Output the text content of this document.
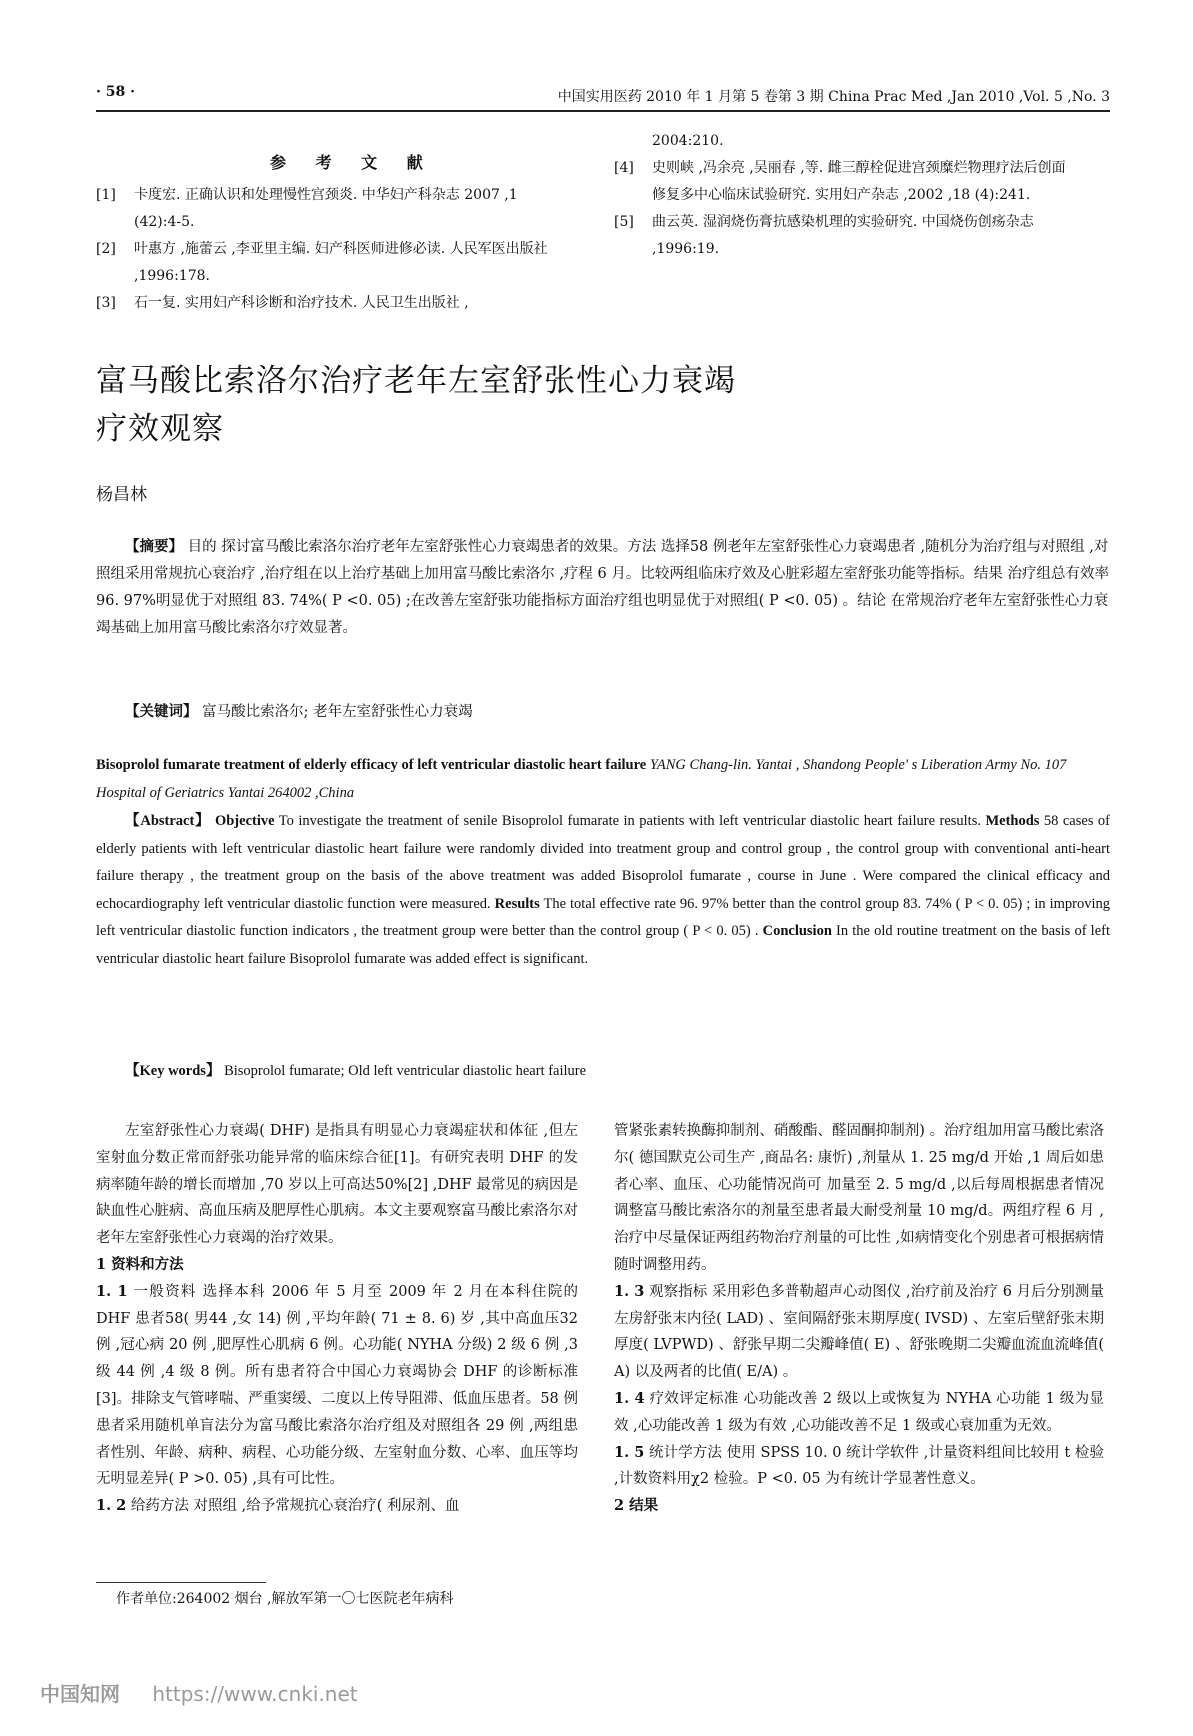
· 58 ·	中国实用医药 2010 年 1 月第 5 卷第 3 期 China Prac Med ,Jan 2010 ,Vol. 5 ,No. 3
参 考 文 献
[1] 卡度宏. 正确认识和处理慢性宫颈炎. 中华妇产科杂志 2007 ,1 (42):4-5.
[2] 叶惠方 ,施蕾云 ,李亚里主编. 妇产科医师进修必读. 人民军医出版社 ,1996:178.
[3] 石一复. 实用妇产科诊断和治疗技术. 人民卫生出版社 ,
2004:210.
[4] 史则峡 ,冯余亮 ,吴丽春 ,等. 雌三醇栓促进宫颈糜烂物理疗法后创面修复多中心临床试验研究. 实用妇产杂志 ,2002 ,18 (4):241.
[5] 曲云英. 湿润烧伤膏抗感染机理的实验研究. 中国烧伤创疡杂志 ,1996:19.
富马酸比索洛尔治疗老年左室舒张性心力衰竭
疗效观察
杨昌林
【摘要】 目的 探讨富马酸比索洛尔治疗老年左室舒张性心力衰竭患者的效果。方法 选择58 例老年左室舒张性心力衰竭患者 ,随机分为治疗组与对照组 ,对照组采用常规抗心衰治疗 ,治疗组在以上治疗基础上加用富马酸比索洛尔 ,疗程 6 月。比较两组临床疗效及心脏彩超左室舒张功能等指标。结果 治疗组总有效率 96. 97%明显优于对照组 83. 74%( P <0. 05) ;在改善左室舒张功能指标方面治疗组也明显优于对照组( P <0. 05) 。结论 在常规治疗老年左室舒张性心力衰竭基础上加用富马酸比索洛尔疗效显著。
【关键词】 富马酸比索洛尔; 老年左室舒张性心力衰竭
Bisoprolol fumarate treatment of elderly efficacy of left ventricular diastolic heart failure YANG Chang-lin. Yantai , Shandong People' s Liberation Army No. 107 Hospital of Geriatrics Yantai 264002 ,China
【Abstract】 Objective To investigate the treatment of senile Bisoprolol fumarate in patients with left ventricular diastolic heart failure results. Methods 58 cases of elderly patients with left ventricular diastolic heart failure were randomly divided into treatment group and control group , the control group with conventional anti-heart failure therapy , the treatment group on the basis of the above treatment was added Bisoprolol fumarate , course in June . Were compared the clinical efficacy and echocardiography left ventricular diastolic function were measured. Results The total effective rate 96. 97% better than the control group 83. 74% ( P < 0. 05) ; in improving left ventricular diastolic function indicators , the treatment group were better than the control group ( P < 0. 05) . Conclusion In the old routine treatment on the basis of left ventricular diastolic heart failure Bisoprolol fumarate was added effect is significant.
【Key words】 Bisoprolol fumarate; Old left ventricular diastolic heart failure

左室舒张性心力衰竭( DHF) 是指具有明显心力衰竭症状和体征 ,但左室射血分数正常而舒张功能异常的临床综合征[1]。有研究表明 DHF 的发病率随年龄的增长而增加 ,70 岁以上可高达50%[2] ,DHF 最常见的病因是缺血性心脏病、高血压病及肥厚性心肌病。本文主要观察富马酸比索洛尔对老年左室舒张性心力衰竭的治疗效果。

1 资料和方法

1. 1 一般资料 选择本科 2006 年 5 月至 2009 年 2 月在本科住院的 DHF 患者58( 男44 ,女 14) 例 ,平均年龄( 71 ± 8. 6) 岁 ,其中高血压32 例 ,冠心病 20 例 ,肥厚性心肌病 6 例。心功能( NYHA 分级) 2 级 6 例 ,3 级 44 例 ,4 级 8 例。所有患者符合中国心力衰竭协会 DHF 的诊断标准[3]。排除支气管哮喘、严重窦缓、二度以上传导阻滞、低血压患者。58 例患者采用随机单盲法分为富马酸比索洛尔治疗组及对照组各 29 例 ,两组患者性别、年龄、病种、病程、心功能分级、左室射血分数、心率、血压等均无明显差异( P >0. 05) ,具有可比性。

1. 2 给药方法 对照组 ,给予常规抗心衰治疗( 利尿剂、血

作者单位:264002 烟台 ,解放军第一〇七医院老年病科

管紧张素转换酶抑制剂、硝酸酯、醛固酮抑制剂) 。治疗组加用富马酸比索洛尔( 德国默克公司生产 ,商品名: 康忻) ,剂量从 1. 25 mg/d 开始 ,1 周后如患者心率、血压、心功能情况尚可 加量至 2. 5 mg/d ,以后每周根据患者情况调整富马酸比索洛尔的剂量至患者最大耐受剂量 10 mg/d。两组疗程 6 月 ,治疗中尽量保证两组药物治疗剂量的可比性 ,如病情变化个别患者可根据病情随时调整用药。

1. 3 观察指标 采用彩色多普勒超声心动图仪 ,治疗前及治疗 6 月后分别测量左房舒张末内径( LAD) 、室间隔舒张末期厚度( IVSD) 、左室后壁舒张末期厚度( LVPWD) 、舒张早期二尖瓣峰值( E) 、舒张晚期二尖瓣血流血流峰值( A) 以及两者的比值( E/A) 。

1. 4 疗效评定标准 心功能改善 2 级以上或恢复为 NYHA 心功能 1 级为显效 ,心功能改善 1 级为有效 ,心功能改善不足 1 级或心衰加重为无效。

1. 5 统计学方法 使用 SPSS 10. 0 统计学软件 ,计量资料组间比较用 t 检验 ,计数资料用χ2 检验。P <0. 05 为有统计学显著性意义。

2 结果

中国知网 https://www.cnki.net
